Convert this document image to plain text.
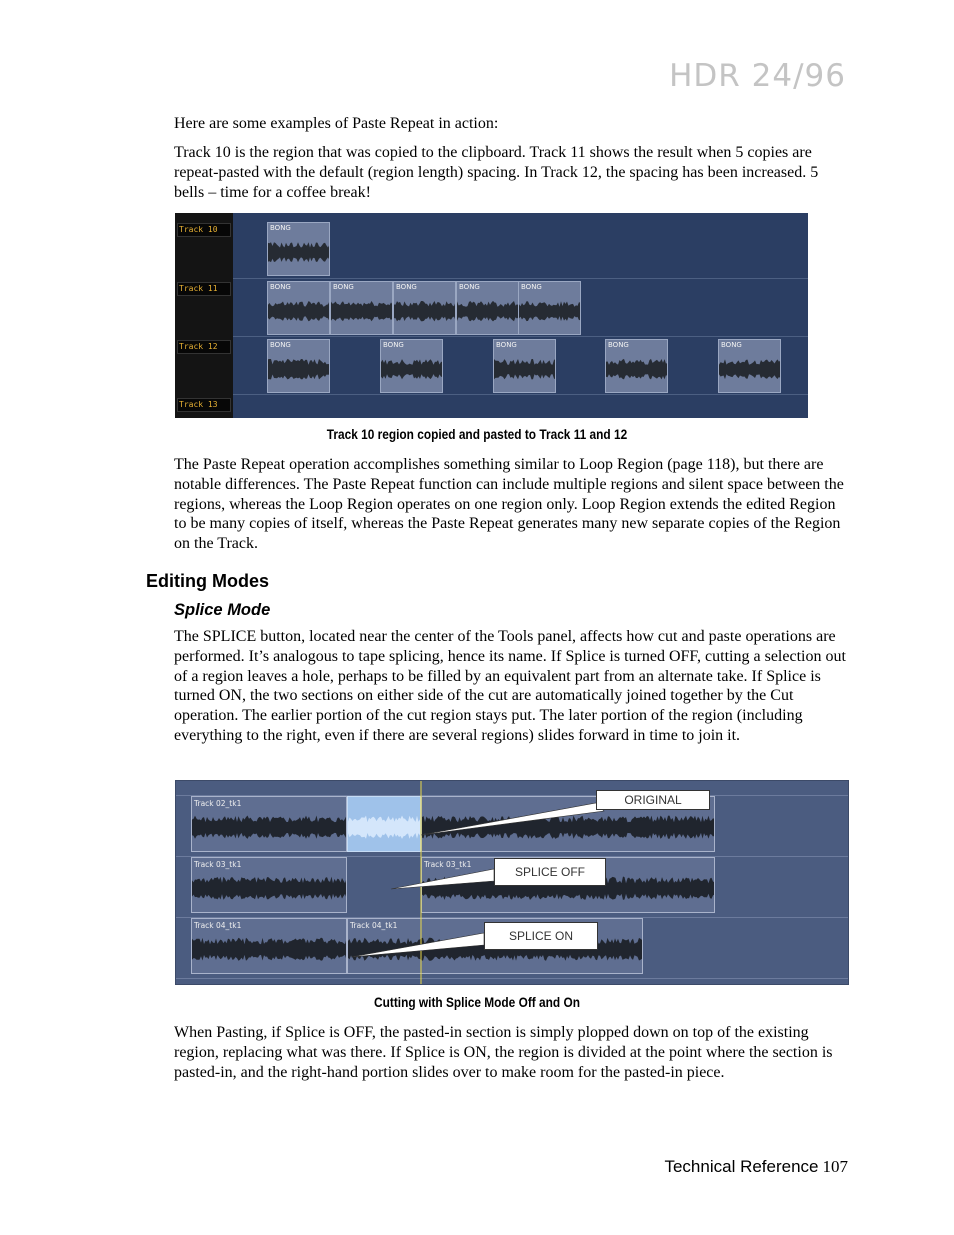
HDR 24/96
Here are some examples of Paste Repeat in action:
Track 10 is the region that was copied to the clipboard. Track 11 shows the result when 5 copies are repeat-pasted with the default (region length) spacing. In Track 12, the spacing has been increased. 5 bells – time for a coffee break!
Track 10
Track 11
Track 12
Track 13
BONG
BONG	BONG	BONG	BONG	BONG
BONG	BONG	BONG	BONG	BONG
Track 10 region copied and pasted to Track 11 and 12
The Paste Repeat operation accomplishes something similar to Loop Region (page 118), but there are notable differences. The Paste Repeat function can include multiple regions and silent space between the regions, whereas the Loop Region operates on one region only. Loop Region extends the edited Region to be many copies of itself, whereas the Paste Repeat generates many new separate copies of the Region on the Track.
Editing Modes
Splice Mode
The SPLICE button, located near the center of the Tools panel, affects how cut and paste operations are performed. It’s analogous to tape splicing, hence its name. If Splice is turned OFF, cutting a selection out of a region leaves a hole, perhaps to be filled by an equivalent part from an alternate take. If Splice is turned ON, the two sections on either side of the cut are automatically joined together by the Cut operation. The earlier portion of the cut region stays put. The later portion of the region (including everything to the right, even if there are several regions) slides forward in time to join it.
Track 02_tk1
Track 03_tk1	Track 03_tk1
Track 04_tk1	Track 04_tk1
ORIGINAL
SPLICE OFF
SPLICE ON
Cutting with Splice Mode Off and On
When Pasting, if Splice is OFF, the pasted-in section is simply plopped down on top of the existing region, replacing what was there. If Splice is ON, the region is divided at the point where the section is pasted-in, and the right-hand portion slides over to make room for the pasted-in piece.
Technical Reference 107
